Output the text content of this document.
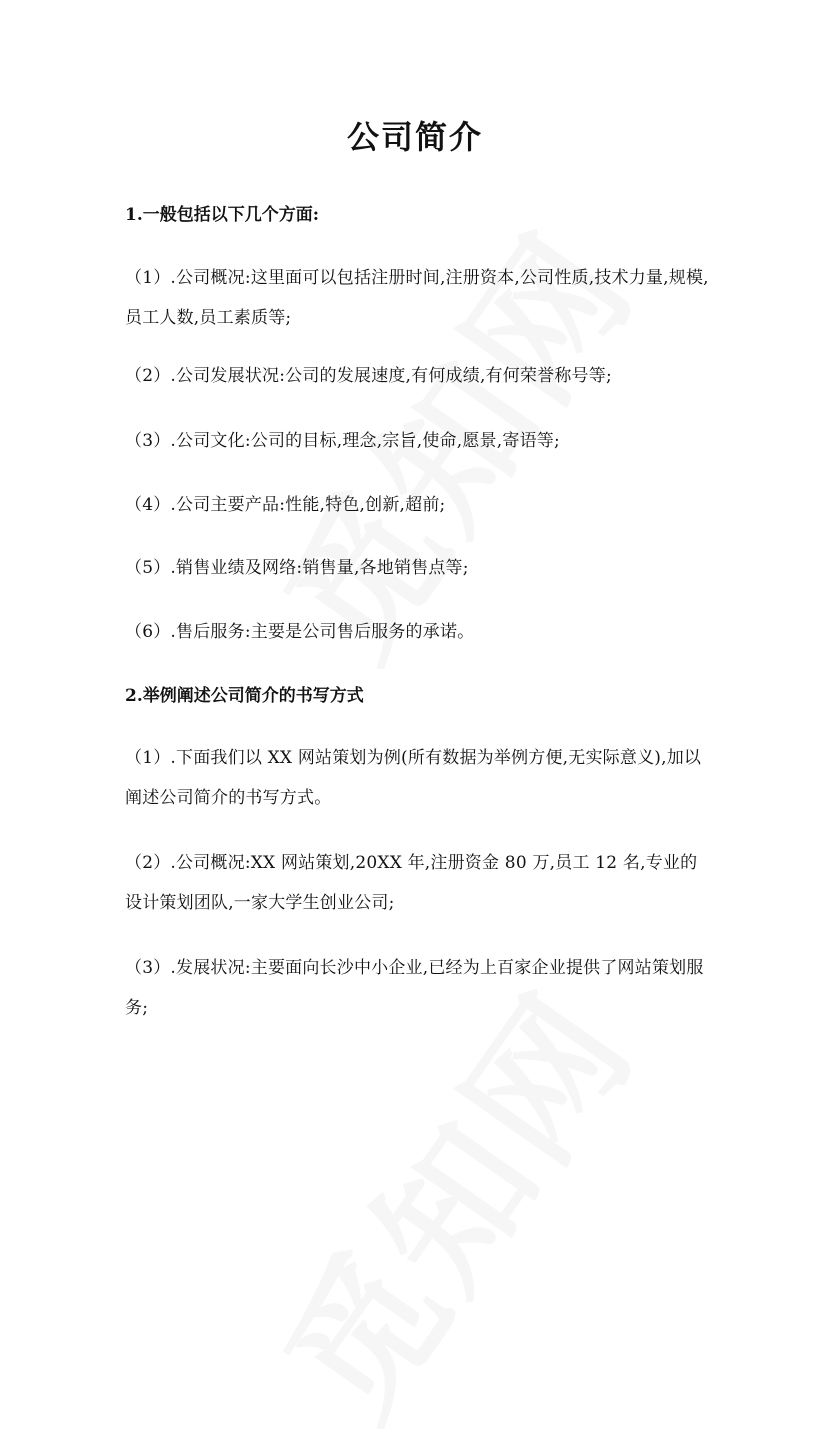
公司简介

1.一般包括以下几个方面:

（1）.公司概况:这里面可以包括注册时间,注册资本,公司性质,技术力量,规模,员工人数,员工素质等;

（2）.公司发展状况:公司的发展速度,有何成绩,有何荣誉称号等;

（3）.公司文化:公司的目标,理念,宗旨,使命,愿景,寄语等;

（4）.公司主要产品:性能,特色,创新,超前;

（5）.销售业绩及网络:销售量,各地销售点等;

（6）.售后服务:主要是公司售后服务的承诺。

2.举例阐述公司简介的书写方式

（1）.下面我们以 XX 网站策划为例(所有数据为举例方便,无实际意义),加以阐述公司简介的书写方式。

（2）.公司概况:XX 网站策划,20XX 年,注册资金 80 万,员工 12 名,专业的设计策划团队,一家大学生创业公司;

（3）.发展状况:主要面向长沙中小企业,已经为上百家企业提供了网站策划服务;
